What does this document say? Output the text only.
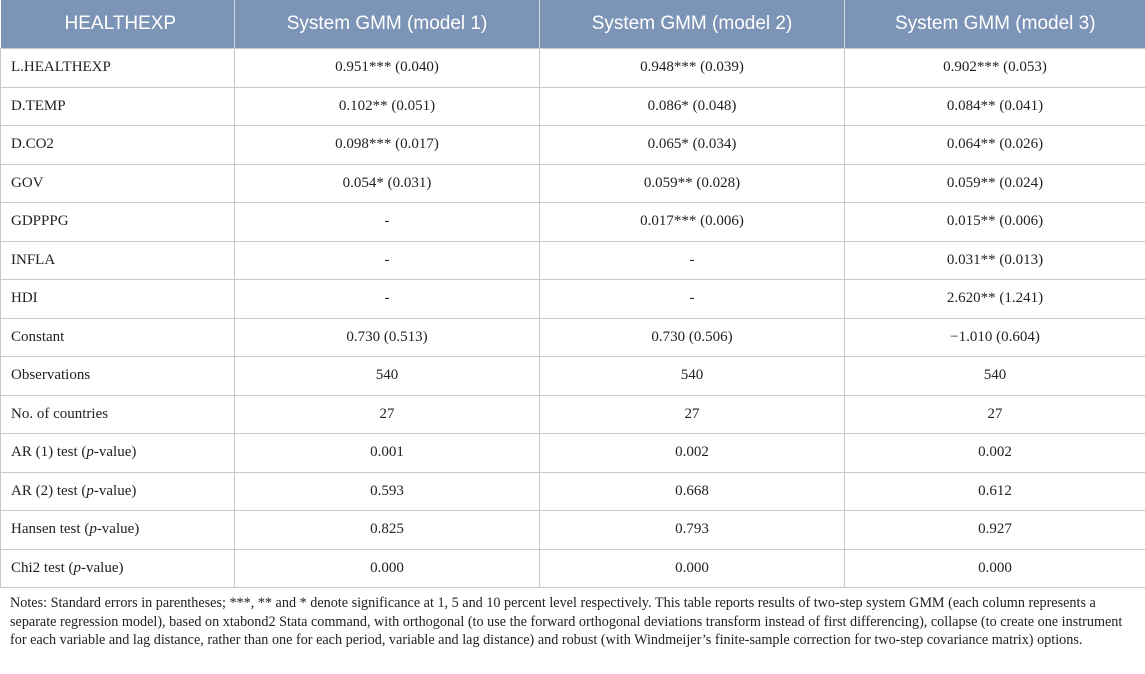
HEALTHEXP	System GMM (model 1)	System GMM (model 2)	System GMM (model 3)
L.HEALTHEXP	0.951*** (0.040)	0.948*** (0.039)	0.902*** (0.053)
D.TEMP	0.102** (0.051)	0.086* (0.048)	0.084** (0.041)
D.CO2	0.098*** (0.017)	0.065* (0.034)	0.064** (0.026)
GOV	0.054* (0.031)	0.059** (0.028)	0.059** (0.024)
GDPPPG	-	0.017*** (0.006)	0.015** (0.006)
INFLA	-	-	0.031** (0.013)
HDI	-	-	2.620** (1.241)
Constant	0.730 (0.513)	0.730 (0.506)	−1.010 (0.604)
Observations	540	540	540
No. of countries	27	27	27
AR (1) test (p-value)	0.001	0.002	0.002
AR (2) test (p-value)	0.593	0.668	0.612
Hansen test (p-value)	0.825	0.793	0.927
Chi2 test (p-value)	0.000	0.000	0.000
Notes: Standard errors in parentheses; ***, ** and * denote significance at 1, 5 and 10 percent level respectively. This table reports results of two-step system GMM (each column represents a separate regression model), based on xtabond2 Stata command, with orthogonal (to use the forward orthogonal deviations transform instead of first differencing), collapse (to create one instrument for each variable and lag distance, rather than one for each period, variable and lag distance) and robust (with Windmeijer’s finite-sample correction for two-step covariance matrix) options.
